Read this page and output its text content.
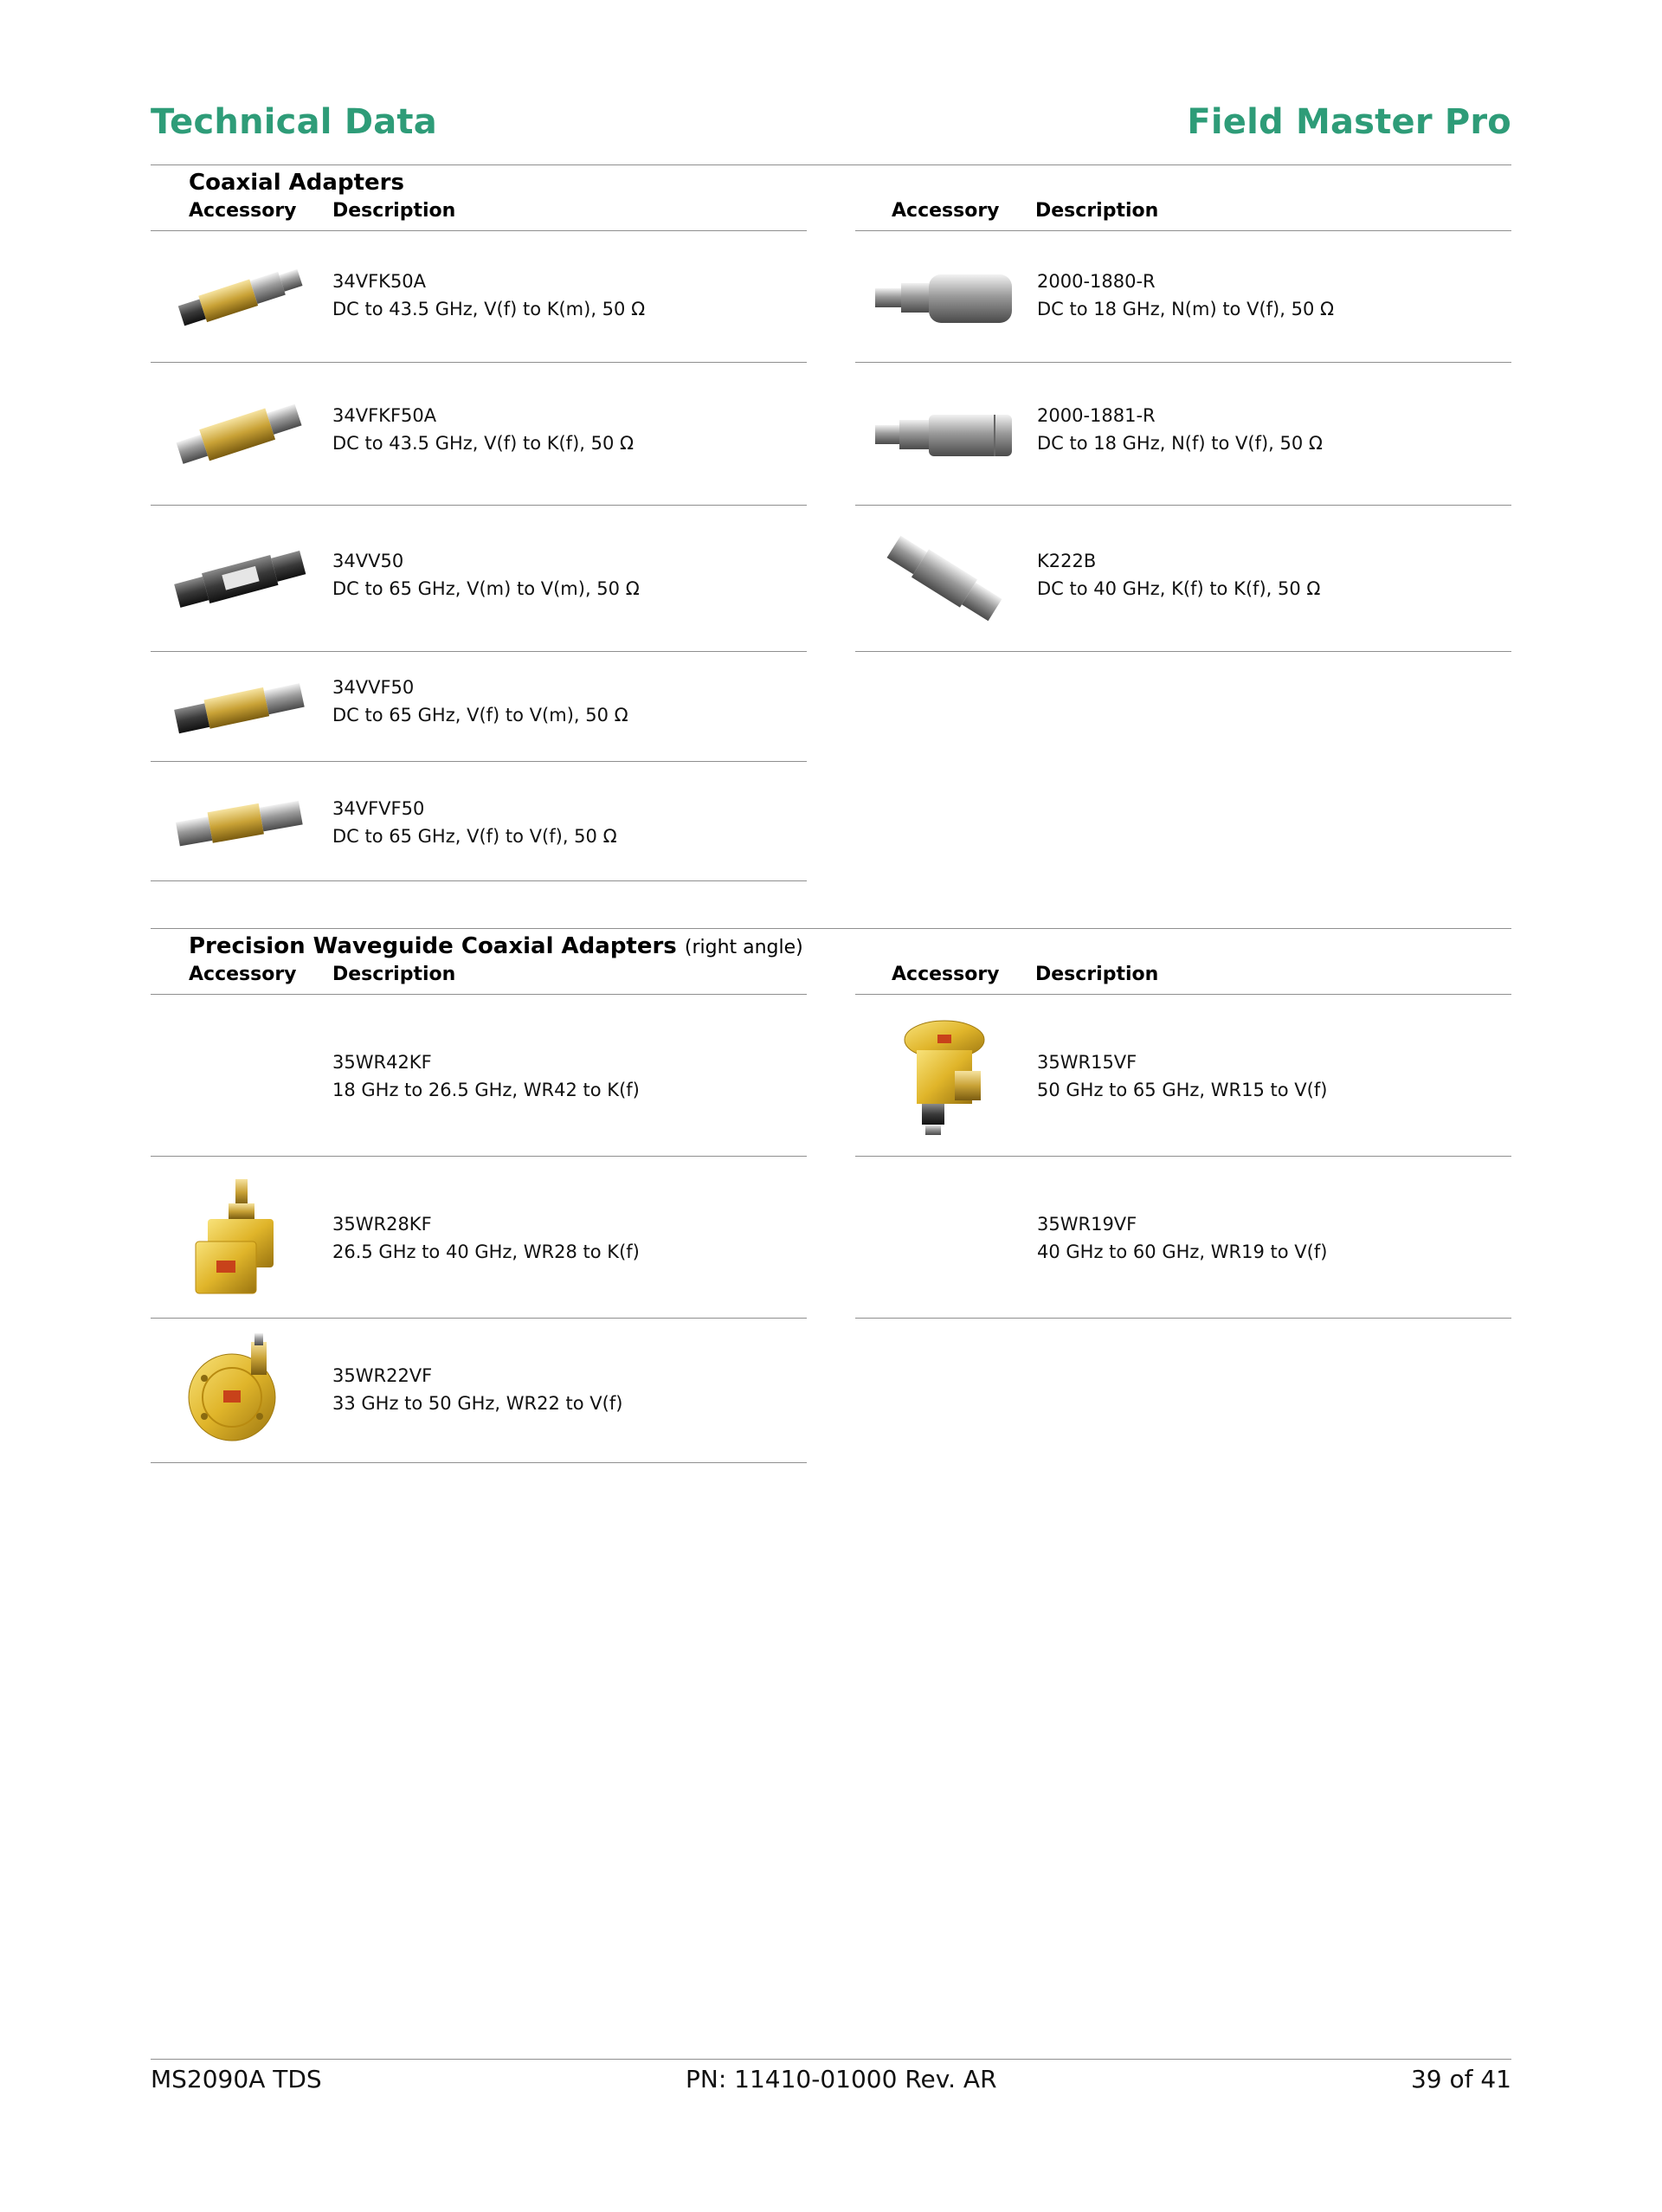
Technical Data	Field Master Pro
Coaxial Adapters
Accessory Description	Accessory Description
34VFK50A
DC to 43.5 GHz, V(f) to K(m), 50 Ω
34VFKF50A
DC to 43.5 GHz, V(f) to K(f), 50 Ω
34VV50
DC to 65 GHz, V(m) to V(m), 50 Ω
34VVF50
DC to 65 GHz, V(f) to V(m), 50 Ω
34VFVF50
DC to 65 GHz, V(f) to V(f), 50 Ω
2000-1880-R
DC to 18 GHz, N(m) to V(f), 50 Ω
2000-1881-R
DC to 18 GHz, N(f) to V(f), 50 Ω
K222B
DC to 40 GHz, K(f) to K(f), 50 Ω
Precision Waveguide Coaxial Adapters (right angle)
Accessory Description	Accessory Description
35WR42KF
18 GHz to 26.5 GHz, WR42 to K(f)
35WR28KF
26.5 GHz to 40 GHz, WR28 to K(f)
35WR22VF
33 GHz to 50 GHz, WR22 to V(f)
35WR15VF
50 GHz to 65 GHz, WR15 to V(f)
35WR19VF
40 GHz to 60 GHz, WR19 to V(f)
MS2090A TDS	PN: 11410-01000 Rev. AR	39 of 41
